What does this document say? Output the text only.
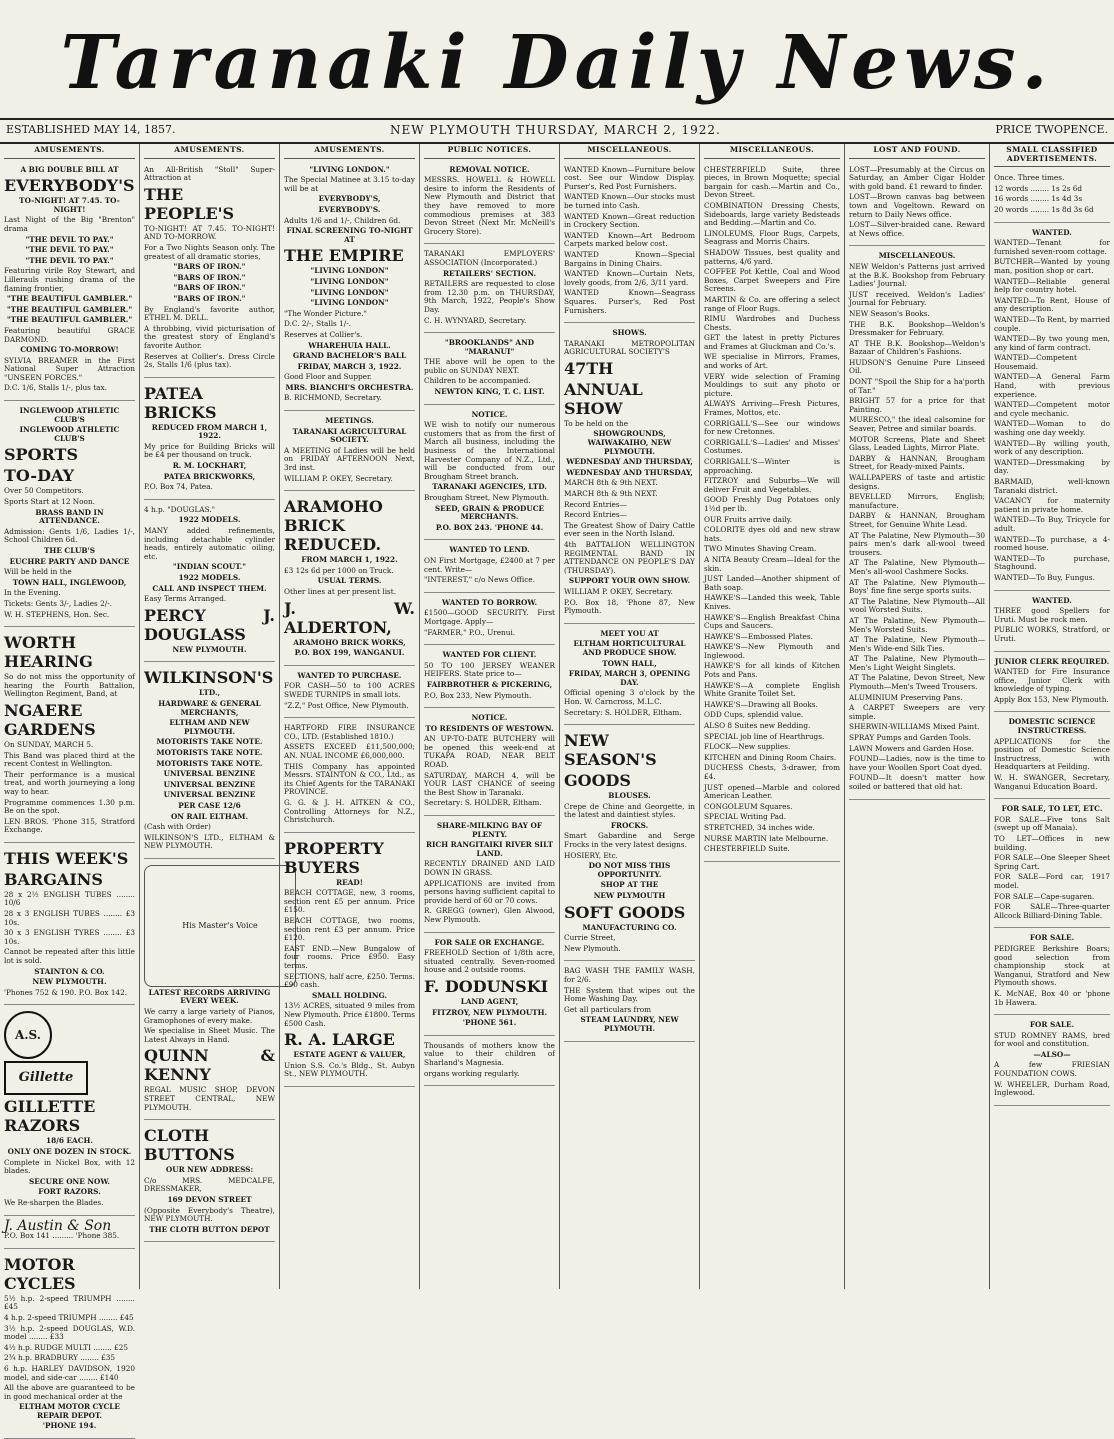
Taranaki Daily News.
ESTABLISHED MAY 14, 1857.	NEW PLYMOUTH THURSDAY, MARCH 2, 1922.	PRICE TWOPENCE.
AMUSEMENTS.

A BIG DOUBLE BILL AT

EVERYBODY'S

TO-NIGHT! AT 7.45. TO-NIGHT!

Last Night of the Big "Brenton" drama

"THE DEVIL TO PAY."

"THE DEVIL TO PAY."

"THE DEVIL TO PAY."

Featuring virile Roy Stewart, and Lillerauls rushing drama of the flaming frontier,

"THE BEAUTIFUL GAMBLER."

"THE BEAUTIFUL GAMBLER."

"THE BEAUTIFUL GAMBLER."

Featuring beautiful GRACE DARMOND.

COMING TO-MORROW!

SYLVIA BREAMER in the First National Super Attraction "UNSEEN FORCES."

D.C. 1/6, Stalls 1/-, plus tax.

INGLEWOOD ATHLETIC CLUB'S

INGLEWOOD ATHLETIC CLUB'S

SPORTS

TO-DAY

Over 50 Competitors.

Sports Start at 12 Noon.

BRASS BAND IN ATTENDANCE.

Admission: Gents 1/6, Ladies 1/-, School Children 6d.

THE CLUB'S

EUCHRE PARTY AND DANCE

Will be held in the

TOWN HALL, INGLEWOOD,

In the Evening.

Tickets: Gents 3/-, Ladies 2/-.

W. H. STEPHENS, Hon. Sec.

WORTH HEARING

So do not miss the opportunity of hearing the Fourth Battalion, Wellington Regiment, Band, at

NGAERE GARDENS

On SUNDAY, MARCH 5.

This Band was placed third at the recent Contest in Wellington.

Their performance is a musical treat, and worth journeying a long way to hear.

Programme commences 1.30 p.m. Be on the spot.

LEN BROS. 'Phone 315, Stratford Exchange.

THIS WEEK'S

BARGAINS

28 x 2½ ENGLISH TUBES ........ 10/6

28 x 3 ENGLISH TUBES ........ £3 10s.

30 x 3 ENGLISH TYRES ........ £3 10s.

Cannot be repeated after this little lot is sold.

STAINTON & CO.

NEW PLYMOUTH.

'Phones 752 & 190. P.O. Box 142.

A.S.

Gillette

GILLETTE RAZORS

18/6 EACH.

ONLY ONE DOZEN IN STOCK.

Complete in Nickel Box, with 12 blades.

SECURE ONE NOW.

FORT RAZORS.

We Re-sharpen the Blades.

J. Austin & Son

P.O. Box 141 ......... 'Phone 385.

MOTOR CYCLES

5½ h.p. 2-speed TRIUMPH ........ £45

4 h.p. 2-speed TRIUMPH ........ £45

3½ h.p. 2-speed DOUGLAS, W.D. model ........ £33

4½ h.p. RUDGE MULTI ........ £25

2¾ h.p. BRADBURY ........ £35

6 h.p. HARLEY DAVIDSON, 1920 model, and side-car ........ £140

All the above are guaranteed to be in good mechanical order at the

ELTHAM MOTOR CYCLE REPAIR DEPOT.

'PHONE 194.

AMUSEMENTS.

An All-British "Stoll" Super-Attraction at

THE PEOPLE'S

TO-NIGHT! AT 7.45. TO-NIGHT! AND TO-MORROW.

For a Two Nights Season only. The greatest of all dramatic stories,

"BARS OF IRON."

"BARS OF IRON."

"BARS OF IRON."

"BARS OF IRON."

By England's favorite author, ETHEL M. DELL.

A throbbing, vivid picturisation of the greatest story of England's favorite Author.

Reserves at Collier's. Dress Circle 2s, Stalls 1/6 (plus tax).

PATEA BRICKS

REDUCED FROM MARCH 1, 1922.

My price for Building Bricks will be £4 per thousand on truck.

R. M. LOCKHART,

PATEA BRICKWORKS,

P.O. Box 74, Patea.

4 h.p. "DOUGLAS."

1922 MODELS.

MANY added refinements, including detachable cylinder heads, entirely automatic oiling, etc.

"INDIAN SCOUT."

1922 MODELS.

CALL AND INSPECT THEM.

Easy Terms Arranged.

PERCY J. DOUGLASS

NEW PLYMOUTH.

WILKINSON'S

LTD.,

HARDWARE & GENERAL MERCHANTS,

ELTHAM AND NEW PLYMOUTH.

MOTORISTS TAKE NOTE.

MOTORISTS TAKE NOTE.

MOTORISTS TAKE NOTE.

UNIVERSAL BENZINE

UNIVERSAL BENZINE

UNIVERSAL BENZINE

PER CASE 12/6

ON RAIL ELTHAM.

(Cash with Order)

WILKINSON'S LTD., ELTHAM & NEW PLYMOUTH.

His Master's Voice

LATEST RECORDS ARRIVING EVERY WEEK.

We carry a large variety of Pianos, Gramophones of every make.

We specialise in Sheet Music. The Latest Always in Hand.

QUINN & KENNY

REGAL MUSIC SHOP, DEVON STREET CENTRAL, NEW PLYMOUTH.

CLOTH BUTTONS

OUR NEW ADDRESS:

C/o MRS. MEDCALFE, DRESSMAKER,

169 DEVON STREET

(Opposite Everybody's Theatre), NEW PLYMOUTH.

THE CLOTH BUTTON DEPOT

AMUSEMENTS.

"LIVING LONDON."

The Special Matinee at 3.15 to-day will be at

EVERYBODY'S,

EVERYBODY'S.

Adults 1/6 and 1/-, Children 6d.

FINAL SCREENING TO-NIGHT AT

THE EMPIRE

"LIVING LONDON"

"LIVING LONDON"

"LIVING LONDON"

"LIVING LONDON"

"The Wonder Picture."

D.C. 2/-, Stalls 1/-.

Reserves at Collier's.

WHAREHUIA HALL.

GRAND BACHELOR'S BALL

FRIDAY, MARCH 3, 1922.

Good Floor and Supper.

MRS. BIANCHI'S ORCHESTRA.

B. RICHMOND, Secretary.

MEETINGS.

TARANAKI AGRICULTURAL SOCIETY.

A MEETING of Ladies will be held on FRIDAY AFTERNOON Next, 3rd inst.

WILLIAM P. OKEY, Secretary.

ARAMOHO BRICK REDUCED.

FROM MARCH 1, 1922.

£3 12s 6d per 1000 on Truck.

USUAL TERMS.

Other lines at per present list.

J. W. ALDERTON,

ARAMOHO BRICK WORKS,

P.O. BOX 199, WANGANUI.

WANTED TO PURCHASE.

FOR CASH—50 to 100 ACRES SWEDE TURNIPS in small lots.

"Z.Z," Post Office, New Plymouth.

HARTFORD FIRE INSURANCE CO., LTD. (Established 1810.)

ASSETS EXCEED £11,500,000; AN. NUAL INCOME £6,000,000.

THIS Company has appointed Messrs. STAINTON & CO., Ltd., as its Chief Agents for the TARANAKI PROVINCE.

G. G. & J. H. AITKEN & CO., Controlling Attorneys for N.Z., Christchurch.

PROPERTY BUYERS

READ!

BEACH COTTAGE, new, 3 rooms, section rent £5 per annum. Price £150.

BEACH COTTAGE, two rooms, section rent £3 per annum. Price £120.

EAST END.—New Bungalow of four rooms. Price £950. Easy terms.

SECTIONS, half acre, £250. Terms. £90 cash.

SMALL HOLDING.

13½ ACRES, situated 9 miles from New Plymouth. Price £1800. Terms £500 Cash.

R. A. LARGE

ESTATE AGENT & VALUER,

Union S.S. Co.'s Bldg., St. Aubyn St., NEW PLYMOUTH.

PUBLIC NOTICES.

REMOVAL NOTICE.

MESSRS. HOWELL & HOWELL desire to inform the Residents of New Plymouth and District that they have removed to more commodious premises at 383 Devon Street (Next Mr. McNeill's Grocery Store).

TARANAKI EMPLOYERS' ASSOCIATION (Incorporated.)

RETAILERS' SECTION.

RETAILERS are requested to close from 12.30 p.m. on THURSDAY, 9th March, 1922, People's Show Day.

C. H. WYNYARD, Secretary.

"BROOKLANDS" AND "MARANUI"

THE above will be open to the public on SUNDAY NEXT.

Children to be accompanied.

NEWTON KING, T. C. LIST.

NOTICE.

WE wish to notify our numerous customers that as from the first of March all business, including the business of the International Harvester Company of N.Z., Ltd., will be conducted from our Brougham Street branch.

TARANAKI AGENCIES, LTD.

Brougham Street, New Plymouth.

SEED, GRAIN & PRODUCE MERCHANTS.

P.O. BOX 243. 'PHONE 44.

WANTED TO LEND.

ON First Mortgage, £2400 at 7 per cent. Write—

"INTEREST," c/o News Office.

WANTED TO BORROW.

£1500—GOOD SECURITY. First Mortgage. Apply—

"FARMER," P.O., Urenui.

WANTED FOR CLIENT.

50 TO 100 JERSEY WEANER HEIFERS. State price to—

FAIRBROTHER & PICKERING,

P.O. Box 233, New Plymouth.

NOTICE.

TO RESIDENTS OF WESTOWN.

AN UP-TO-DATE BUTCHERY will be opened this week-end at TUKAPA ROAD, NEAR BELT ROAD.

SATURDAY, MARCH 4, will be YOUR LAST CHANCE of seeing the Best Show in Taranaki.

Secretary: S. HOLDER, Eltham.

SHARE-MILKING BAY OF PLENTY.

RICH RANGITAIKI RIVER SILT LAND.

RECENTLY DRAINED AND LAID DOWN IN GRASS.

APPLICATIONS are invited from persons having sufficient capital to provide herd of 60 or 70 cows.

R. GREGG (owner), Glen Alwood, New Plymouth.

FOR SALE OR EXCHANGE.

FREEHOLD Section of 1/8th acre, situated centrally. Seven-roomed house and 2 outside rooms.

F. DODUNSKI

LAND AGENT,

FITZROY, NEW PLYMOUTH.

'PHONE 561.

Thousands of mothers know the value to their children of Sharland's Magnesia.

organs working regularly.

MISCELLANEOUS.

WANTED Known—Furniture below cost. See our Window Display. Purser's, Red Post Furnishers.

WANTED Known—Our stocks must be turned into Cash.

WANTED Known—Great reduction in Crockery Section.

WANTED Known—Art Bedroom Carpets marked below cost.

WANTED Known—Special Bargains in Dining Chairs.

WANTED Known—Curtain Nets, lovely goods, from 2/6, 3/11 yard.

WANTED Known—Seagrass Squares. Purser's, Red Post Furnishers.

SHOWS.

TARANAKI METROPOLITAN AGRICULTURAL SOCIETY'S

47TH

ANNUAL SHOW

To be held on the

SHOWGROUNDS, WAIWAKAIHO, NEW PLYMOUTH.

WEDNESDAY AND THURSDAY,

WEDNESDAY AND THURSDAY,

MARCH 8th & 9th NEXT.

MARCH 8th & 9th NEXT.

Record Entries—

Record Entries—

The Greatest Show of Dairy Cattle ever seen in the North Island.

4th BATTALION WELLINGTON REGIMENTAL BAND IN ATTENDANCE ON PEOPLE'S DAY (THURSDAY).

SUPPORT YOUR OWN SHOW.

WILLIAM P. OKEY, Secretary.

P.O. Box 18, 'Phone 87, New Plymouth.

MEET YOU AT

ELTHAM HORTICULTURAL AND PRODUCE SHOW.

TOWN HALL,

FRIDAY, MARCH 3, OPENING DAY.

Official opening 3 o'clock by the Hon. W. Carncross, M.L.C.

Secretary: S. HOLDER, Eltham.

NEW SEASON'S

GOODS

BLOUSES.

Crepe de Chine and Georgette, in the latest and daintiest styles.

FROCKS.

Smart Gabardine and Serge Frocks in the very latest designs.

HOSIERY, Etc.

DO NOT MISS THIS OPPORTUNITY.

SHOP AT THE

NEW PLYMOUTH

SOFT GOODS

MANUFACTURING CO.

Currie Street,

New Plymouth.

BAG WASH THE FAMILY WASH, for 2/6.

THE System that wipes out the Home Washing Day.

Get all particulars from

STEAM LAUNDRY, NEW PLYMOUTH.

MISCELLANEOUS.

CHESTERFIELD Suite, three pieces, in Brown Moquette; special bargain for cash.—Martin and Co., Devon Street.

COMBINATION Dressing Chests, Sideboards, large variety Bedsteads and Bedding.—Martin and Co.

LINOLEUMS, Floor Rugs, Carpets, Seagrass and Morris Chairs.

SHADOW Tissues, best quality and patterns, 4/6 yard.

COFFEE Pot Kettle, Coal and Wood Boxes, Carpet Sweepers and Fire Screens.

MARTIN & Co. are offering a select range of Floor Rugs.

RIMU Wardrobes and Duchess Chests.

GET the latest in pretty Pictures and Frames at Gluckman and Co.'s.

WE specialise in Mirrors, Frames, and works of Art.

VERY wide selection of Framing Mouldings to suit any photo or picture.

ALWAYS Arriving—Fresh Pictures, Frames, Mottos, etc.

CORRIGALL'S—See our windows for new Cretonnes.

CORRIGALL'S—Ladies' and Misses' Costumes.

CORRIGALL'S—Winter is approaching.

FITZROY and Suburbs—We will deliver Fruit and Vegetables.

GOOD Freshly Dug Potatoes only 1½d per lb.

OUR Fruits arrive daily.

COLORITE dyes old and new straw hats.

TWO Minutes Shaving Cream.

A NITA Beauty Cream—Ideal for the skin.

JUST Landed—Another shipment of Bath soap.

HAWKE'S—Landed this week, Table Knives.

HAWKE'S—English Breakfast China Cups and Saucers.

HAWKE'S—Embossed Plates.

HAWKE'S—New Plymouth and Inglewood.

HAWKE'S for all kinds of Kitchen Pots and Pans.

HAWKE'S—A complete English White Granite Toilet Set.

HAWKE'S—Drawing all Books.

ODD Cups, splendid value.

ALSO 8 Suites new Bedding.

SPECIAL job line of Hearthrugs.

FLOCK—New supplies.

KITCHEN and Dining Room Chairs.

DUCHESS Chests, 3-drawer, from £4.

JUST opened—Marble and colored American Leather.

CONGOLEUM Squares.

SPECIAL Writing Pad.

STRETCHED, 34 inches wide.

NURSE MARTIN late Melbourne.

CHESTERFIELD Suite.

LOST AND FOUND.

LOST—Presumably at the Circus on Saturday, an Amber Cigar Holder with gold band. £1 reward to finder.

LOST—Brown canvas bag between town and Vogeltown. Reward on return to Daily News office.

LOST—Silver-braided cane. Reward at News office.

MISCELLANEOUS.

NEW Weldon's Patterns just arrived at the B.K. Bookshop from February Ladies' Journal.

JUST received. Weldon's Ladies' Journal for February.

NEW Season's Books.

THE B.K. Bookshop—Weldon's Dressmaker for February.

AT THE B.K. Bookshop—Weldon's Bazaar of Children's Fashions.

HUDSON'S Genuine Pure Linseed Oil.

DONT "Spoil the Ship for a ha'porth of Tar."

BRIGHT 57 for a price for that Painting.

MURESCO," the ideal calsomine for Seaver, Petree and similar boards.

MOTOR Screens, Plate and Sheet Glass, Leaded Lights, Mirror Plate.

DARBY & HANNAN, Brougham Street, for Ready-mixed Paints.

WALLPAPERS of taste and artistic designs.

BEVELLED Mirrors, English; manufacture.

DARBY & HANNAN, Brougham Street, for Genuine White Lead.

AT The Palatine, New Plymouth—30 pairs men's dark all-wool tweed trousers.

AT The Palatine, New Plymouth—Men's all-wool Cashmere Socks.

AT The Palatine, New Plymouth—Boys' fine fine serge sports suits.

AT The Palatine, New Plymouth—All wool Worsted Suits.

AT The Palatine, New Plymouth—Men's Worsted Suits.

AT The Palatine, New Plymouth—Men's Wide-end Silk Ties.

AT The Palatine, New Plymouth—Men's Light Weight Singlets.

AT The Palatine, Devon Street, New Plymouth—Men's Tweed Trousers.

ALUMINIUM Preserving Pans.

A CARPET Sweepers are very simple.

SHERWIN-WILLIAMS Mixed Paint.

SPRAY Pumps and Garden Tools.

LAWN Mowers and Garden Hose.

FOUND—Ladies, now is the time to have your Woollen Sport Coat dyed.

FOUND—It doesn't matter how soiled or battered that old hat.

SMALL CLASSIFIED ADVERTISEMENTS.

Once. Three times.

12 words ........ 1s 2s 6d

16 words ........ 1s 4d 3s

20 words ........ 1s 8d 3s 6d

WANTED.

WANTED—Tenant for furnished seven-room cottage.

BUTCHER—Wanted by young man, position shop or cart.

WANTED—Reliable general help for country hotel.

WANTED—To Rent, House of any description.

WANTED—To Rent, by married couple.

WANTED—By two young men, any kind of farm contract.

WANTED—Competent Housemaid.

WANTED—A General Farm Hand, with previous experience.

WANTED—Competent motor and cycle mechanic.

WANTED—Woman to do washing one day weekly.

WANTED—By willing youth, work of any description.

WANTED—Dressmaking by day.

BARMAID, well-known Taranaki district.

VACANCY for maternity patient in private home.

WANTED—To Buy, Tricycle for adult.

WANTED—To purchase, a 4-roomed house.

WANTED—To purchase, Staghound.

WANTED—To Buy, Fungus.

WANTED.

THREE good Spellers for Uruti. Must be rock men.

PUBLIC WORKS, Stratford, or Uruti.

JUNIOR CLERK REQUIRED.

WANTED for Fire Insurance office, Junior Clerk with knowledge of typing.

Apply Box 153, New Plymouth.

DOMESTIC SCIENCE INSTRUCTRESS.

APPLICATIONS for the position of Domestic Science Instructress, with Headquarters at Feilding.

W. H. SWANGER, Secretary, Wanganui Education Board.

FOR SALE, TO LET, ETC.

FOR SALE—Five tons Salt (swept up off Manaia).

TO LET—Offices in new building.

FOR SALE—One Sleeper Sheet Spring Cart.

FOR SALE—Ford car, 1917 model.

FOR SALE—Cape-sugaren.

FOR SALE—Three-quarter Allcock Billiard-Dining Table.

FOR SALE.

PEDIGREE Berkshire Boars; good selection from championship stock at Wanganui, Stratford and New Plymouth shows.

K. McNAE, Box 40 or 'phone 1b Hawera.

FOR SALE.

STUD ROMNEY RAMS, bred for wool and constitution.

—ALSO—

A few FRIESIAN FOUNDATION COWS.

W. WHEELER, Durham Road, Inglewood.
